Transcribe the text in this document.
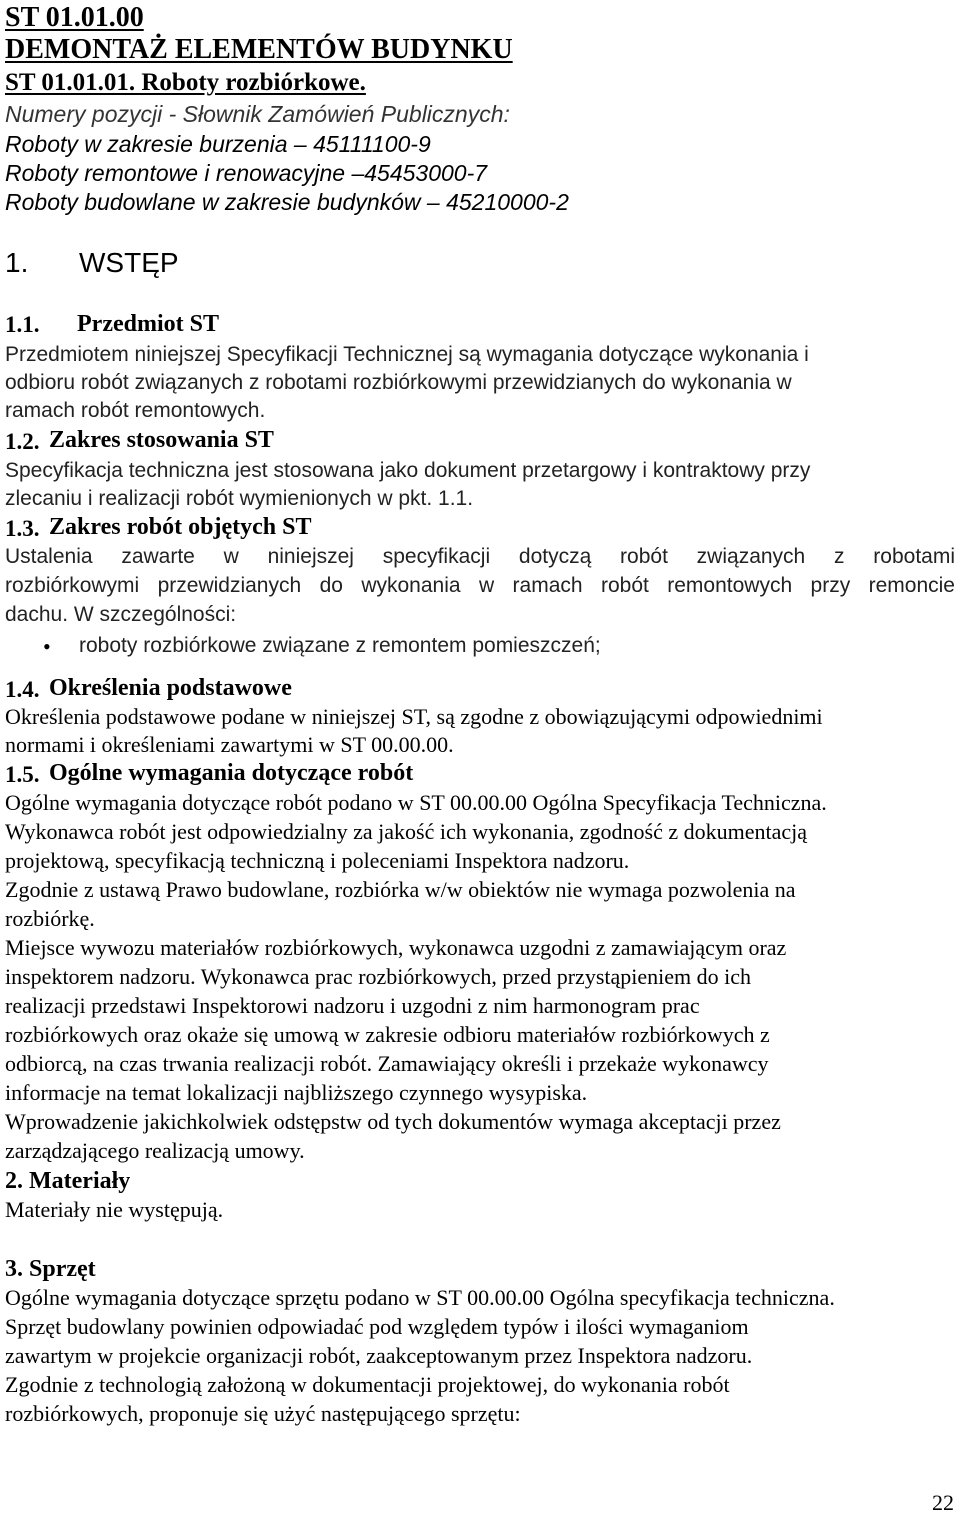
ST 01.01.00
DEMONTAŻ ELEMENTÓW BUDYNKU
ST 01.01.01. Roboty rozbiórkowe.
Numery pozycji - Słownik Zamówień Publicznych:
Roboty w zakresie burzenia – 45111100-9
Roboty remontowe i renowacyjne –45453000-7
Roboty budowlane w zakresie budynków – 45210000-2
1. WSTĘP
1.1. Przedmiot ST
Przedmiotem niniejszej Specyfikacji Technicznej są wymagania dotyczące wykonania i
odbioru robót związanych z robotami rozbiórkowymi przewidzianych do wykonania w
ramach robót remontowych.
1.2. Zakres stosowania ST
Specyfikacja techniczna jest stosowana jako dokument przetargowy i kontraktowy przy
zlecaniu i realizacji robót wymienionych w pkt. 1.1.
1.3. Zakres robót objętych ST
Ustalenia zawarte w niniejszej specyfikacji dotyczą robót związanych z robotami
rozbiórkowymi przewidzianych do wykonania w ramach robót remontowych przy remoncie
dachu. W szczególności:
• roboty rozbiórkowe związane z remontem pomieszczeń;
1.4. Określenia podstawowe
Określenia podstawowe podane w niniejszej ST, są zgodne z obowiązującymi odpowiednimi
normami i określeniami zawartymi w ST 00.00.00.
1.5. Ogólne wymagania dotyczące robót
Ogólne wymagania dotyczące robót podano w ST 00.00.00 Ogólna Specyfikacja Techniczna.
Wykonawca robót jest odpowiedzialny za jakość ich wykonania, zgodność z dokumentacją
projektową, specyfikacją techniczną i poleceniami Inspektora nadzoru.
Zgodnie z ustawą Prawo budowlane, rozbiórka w/w obiektów nie wymaga pozwolenia na
rozbiórkę.
Miejsce wywozu materiałów rozbiórkowych, wykonawca uzgodni z zamawiającym oraz
inspektorem nadzoru. Wykonawca prac rozbiórkowych, przed przystąpieniem do ich
realizacji przedstawi Inspektorowi nadzoru i uzgodni z nim harmonogram prac
rozbiórkowych oraz okaże się umową w zakresie odbioru materiałów rozbiórkowych z
odbiorcą, na czas trwania realizacji robót. Zamawiający określi i przekaże wykonawcy
informacje na temat lokalizacji najbliższego czynnego wysypiska.
Wprowadzenie jakichkolwiek odstępstw od tych dokumentów wymaga akceptacji przez
zarządzającego realizacją umowy.
2. Materiały
Materiały nie występują.
3. Sprzęt
Ogólne wymagania dotyczące sprzętu podano w ST 00.00.00 Ogólna specyfikacja techniczna.
Sprzęt budowlany powinien odpowiadać pod względem typów i ilości wymaganiom
zawartym w projekcie organizacji robót, zaakceptowanym przez Inspektora nadzoru.
Zgodnie z technologią założoną w dokumentacji projektowej, do wykonania robót
rozbiórkowych, proponuje się użyć następującego sprzętu:
22
